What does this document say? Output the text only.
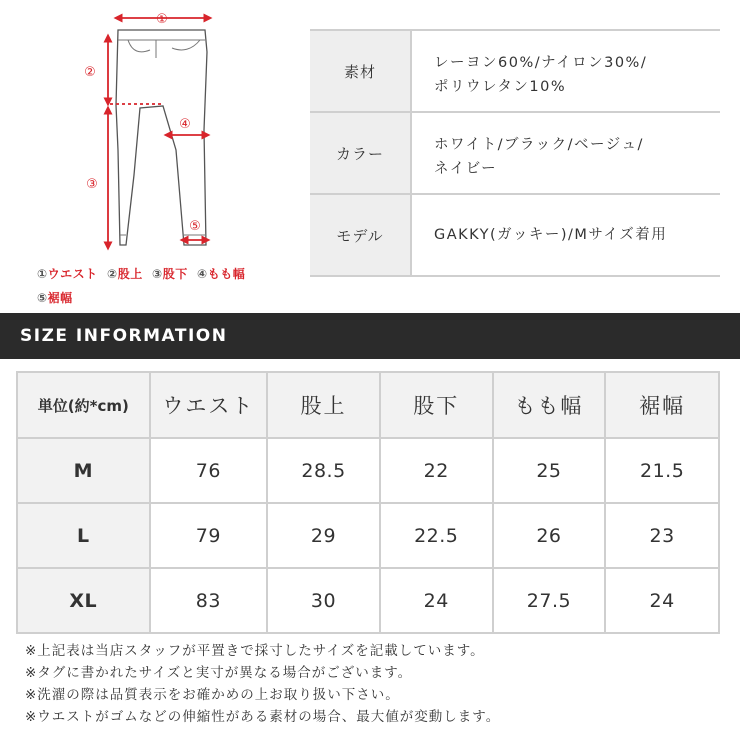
①
②
③
④
⑤
①ウエスト ②股上 ③股下 ④もも幅
⑤裾幅
素材	レーヨン60%/ナイロン30%/
ポリウレタン10%
カラー	ホワイト/ブラック/ベージュ/
ネイビー
モデル	GAKKY(ガッキー)/Mサイズ着用
SIZE INFORMATION
単位(約*cm)	ウエスト	股上	股下	もも幅	裾幅
M	76	28.5	22	25	21.5
L	79	29	22.5	26	23
XL	83	30	24	27.5	24
※上記表は当店スタッフが平置きで採寸したサイズを記載しています。
※タグに書かれたサイズと実寸が異なる場合がございます。
※洗濯の際は品質表示をお確かめの上お取り扱い下さい。
※ウエストがゴムなどの伸縮性がある素材の場合、最大値が変動します。
